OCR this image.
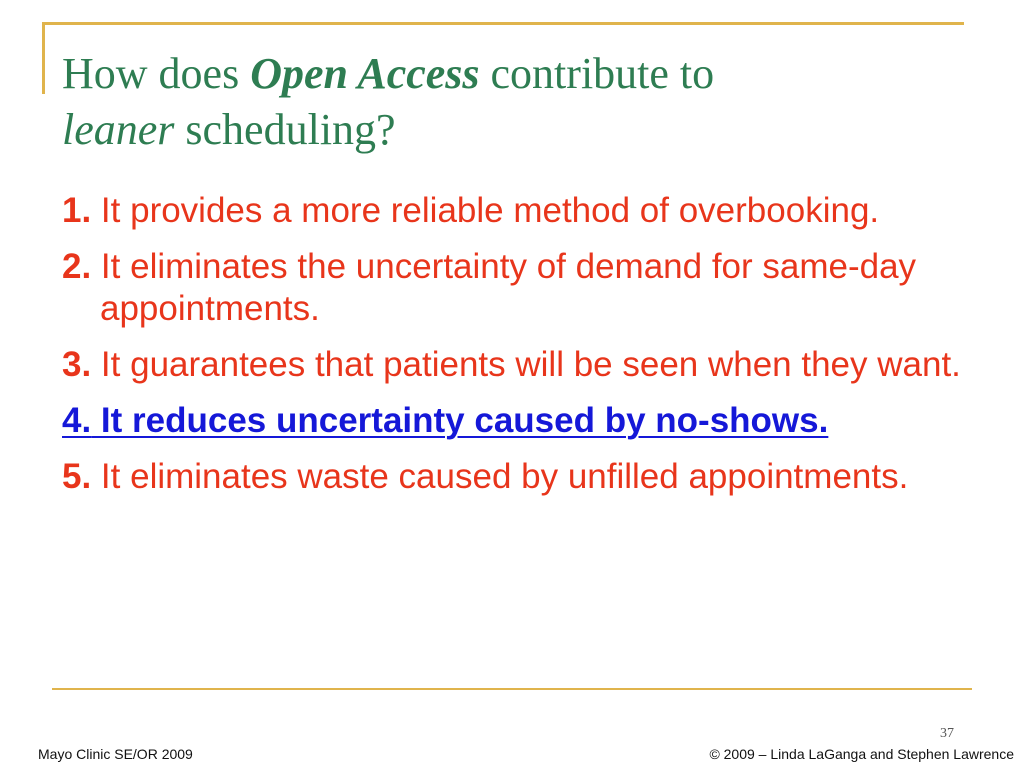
How does Open Access contribute to
leaner scheduling?
1. It provides a more reliable method of overbooking.
2. It eliminates the uncertainty of demand for same-day appointments.
3. It guarantees that patients will be seen when they want.
4. It reduces uncertainty caused by no-shows.
5. It eliminates waste caused by unfilled appointments.
37
Mayo Clinic SE/OR 2009	© 2009 – Linda LaGanga and Stephen Lawrence
